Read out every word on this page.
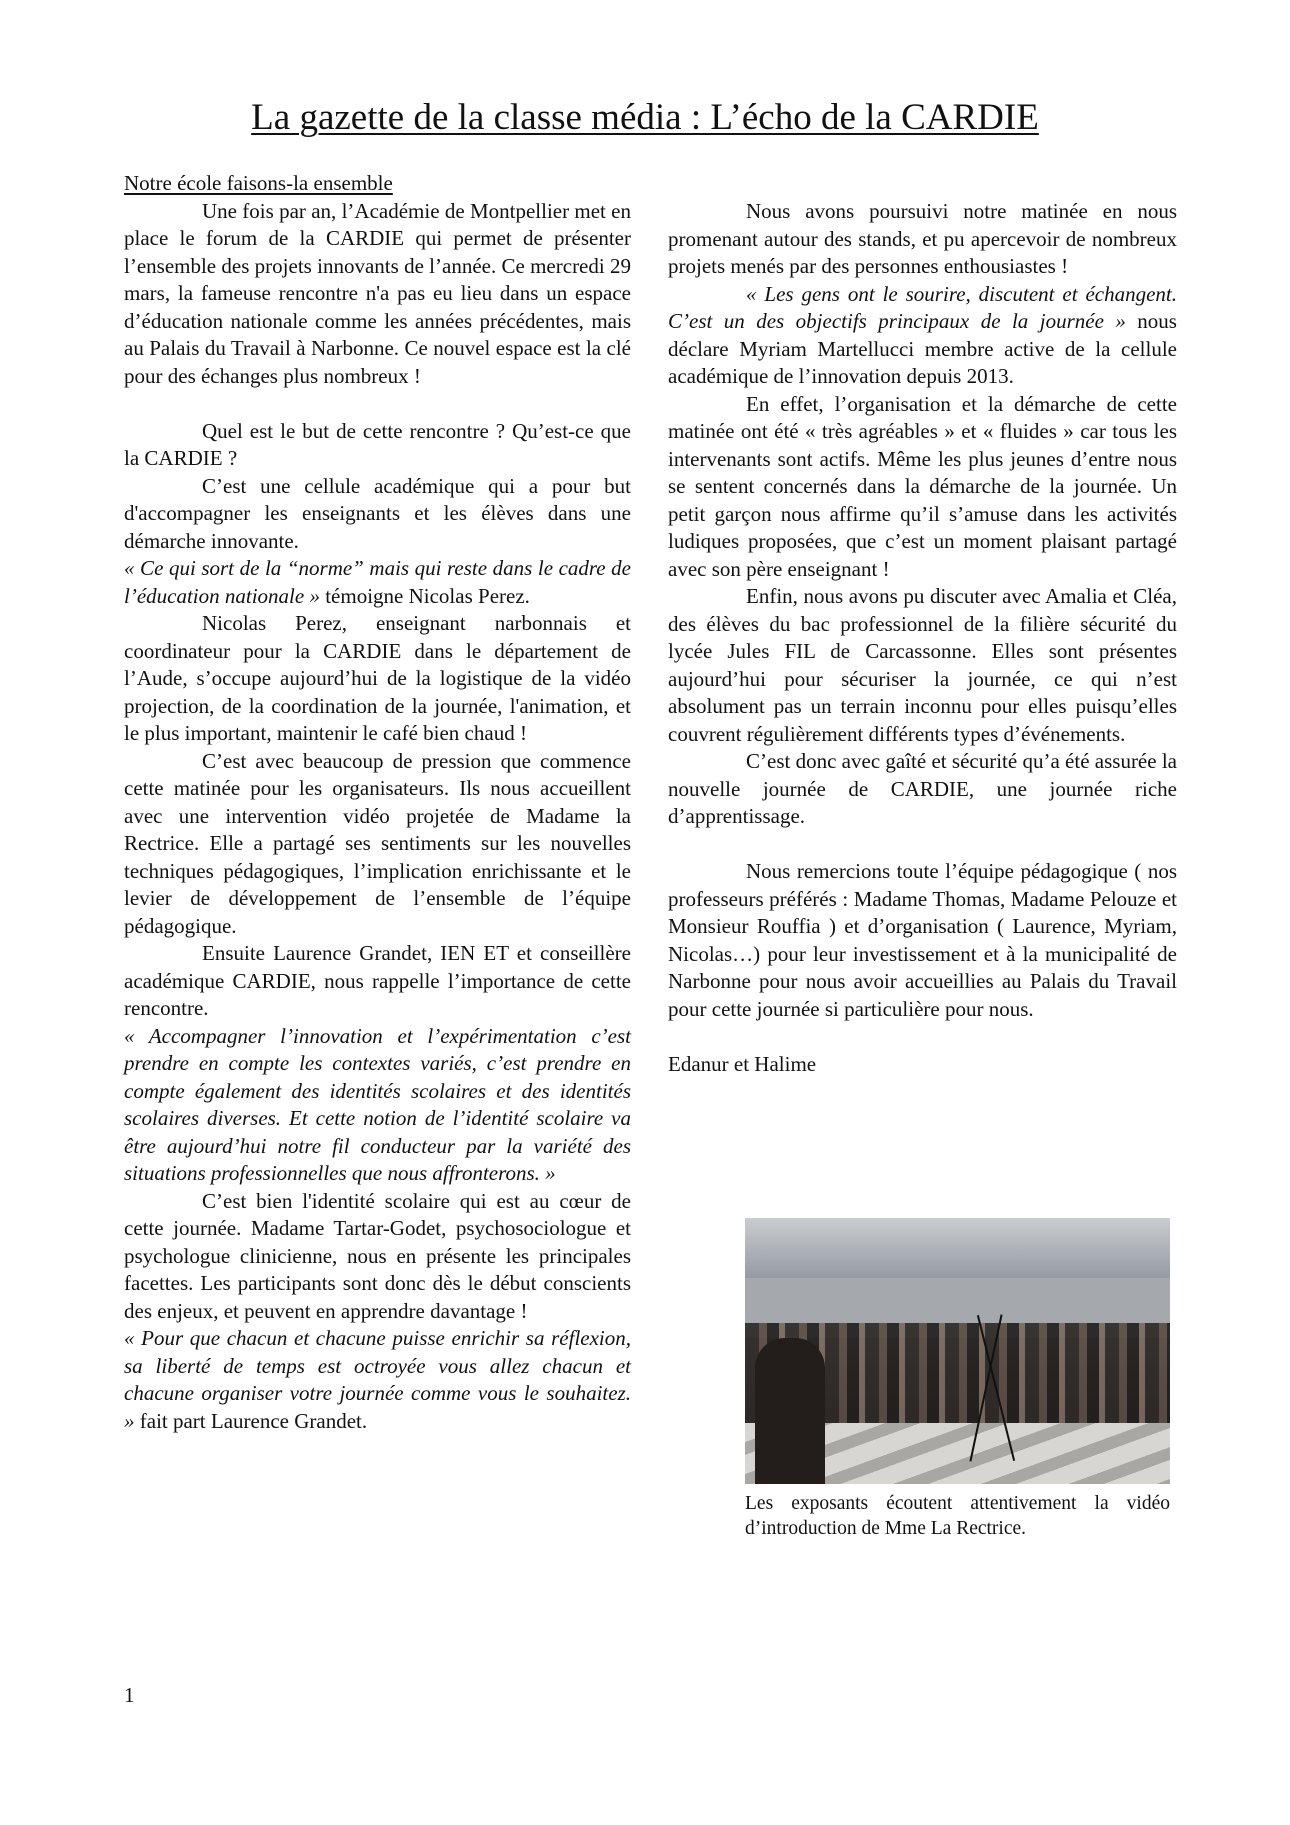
La gazette de la classe média : L’écho de la CARDIE

Notre école faisons-la ensemble

Une fois par an, l’Académie de Montpellier met en place le forum de la CARDIE qui permet de présenter l’ensemble des projets innovants de l’année. Ce mercredi 29 mars, la fameuse rencontre n'a pas eu lieu dans un espace d’éducation nationale comme les années précédentes, mais au Palais du Travail à Narbonne. Ce nouvel espace est la clé pour des échanges plus nombreux !

Quel est le but de cette rencontre ? Qu’est-ce que la CARDIE ?

C’est une cellule académique qui a pour but d'accompagner les enseignants et les élèves dans une démarche innovante.

« Ce qui sort de la “norme” mais qui reste dans le cadre de l’éducation nationale » témoigne Nicolas Perez.

Nicolas Perez, enseignant narbonnais et coordinateur pour la CARDIE dans le département de l’Aude, s’occupe aujourd’hui de la logistique de la vidéo projection, de la coordination de la journée, l'animation, et le plus important, maintenir le café bien chaud !

C’est avec beaucoup de pression que commence cette matinée pour les organisateurs. Ils nous accueillent avec une intervention vidéo projetée de Madame la Rectrice. Elle a partagé ses sentiments sur les nouvelles techniques pédagogiques, l’implication enrichissante et le levier de développement de l’ensemble de l’équipe pédagogique.

Ensuite Laurence Grandet, IEN ET et conseillère académique CARDIE, nous rappelle l’importance de cette rencontre.

« Accompagner l’innovation et l’expérimentation c’est prendre en compte les contextes variés, c’est prendre en compte également des identités scolaires et des identités scolaires diverses. Et cette notion de l’identité scolaire va être aujourd’hui notre fil conducteur par la variété des situations professionnelles que nous affronterons. »

C’est bien l'identité scolaire qui est au cœur de cette journée. Madame Tartar-Godet, psychosociologue et psychologue clinicienne, nous en présente les principales facettes. Les participants sont donc dès le début conscients des enjeux, et peuvent en apprendre davantage !

« Pour que chacun et chacune puisse enrichir sa réflexion, sa liberté de temps est octroyée vous allez chacun et chacune organiser votre journée comme vous le souhaitez. » fait part Laurence Grandet.

Nous avons poursuivi notre matinée en nous promenant autour des stands, et pu apercevoir de nombreux projets menés par des personnes enthousiastes !

« Les gens ont le sourire, discutent et échangent. C’est un des objectifs principaux de la journée » nous déclare Myriam Martellucci membre active de la cellule académique de l’innovation depuis 2013.

En effet, l’organisation et la démarche de cette matinée ont été « très agréables » et « fluides » car tous les intervenants sont actifs. Même les plus jeunes d’entre nous se sentent concernés dans la démarche de la journée. Un petit garçon nous affirme qu’il s’amuse dans les activités ludiques proposées, que c’est un moment plaisant partagé avec son père enseignant !

Enfin, nous avons pu discuter avec Amalia et Cléa, des élèves du bac professionnel de la filière sécurité du lycée Jules FIL de Carcassonne. Elles sont présentes aujourd’hui pour sécuriser la journée, ce qui n’est absolument pas un terrain inconnu pour elles puisqu’elles couvrent régulièrement différents types d’événements.

C’est donc avec gaîté et sécurité qu’a été assurée la nouvelle journée de CARDIE, une journée riche d’apprentissage.

Nous remercions toute l’équipe pédagogique ( nos professeurs préférés : Madame Thomas, Madame Pelouze et Monsieur Rouffia ) et d’organisation ( Laurence, Myriam, Nicolas…) pour leur investissement et à la municipalité de Narbonne pour nous avoir accueillies au Palais du Travail pour cette journée si particulière pour nous.

Edanur et Halime

Les exposants écoutent attentivement la vidéo d’introduction de Mme La Rectrice.

1
